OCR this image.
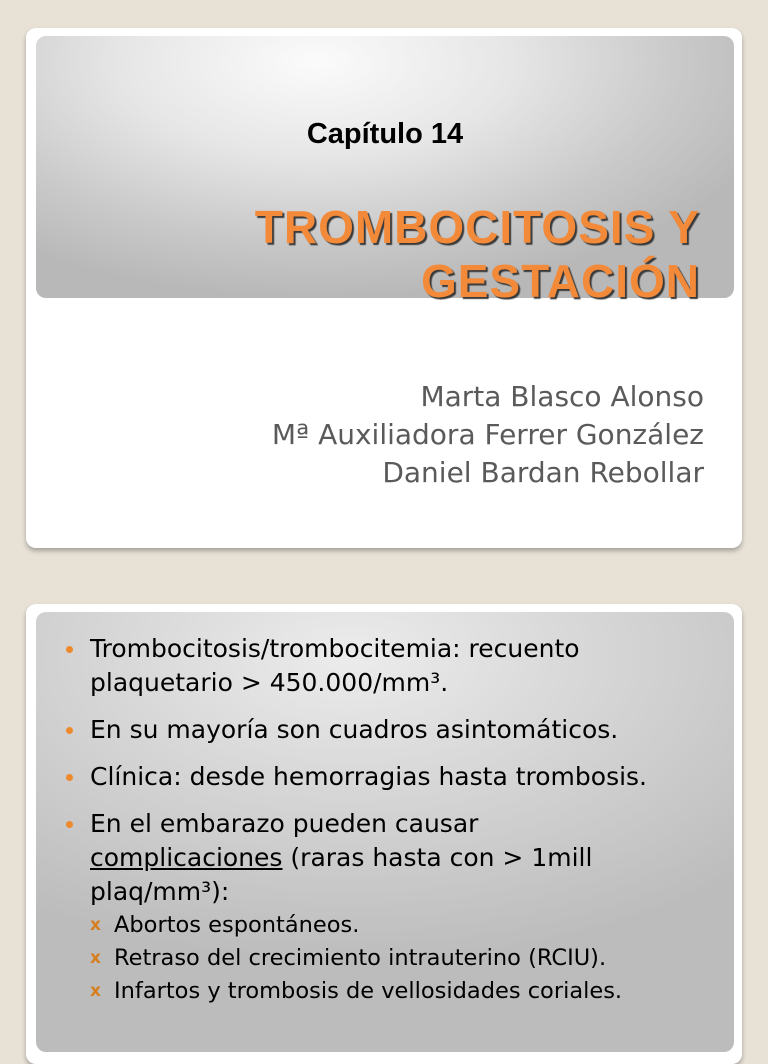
Capítulo 14
TROMBOCITOSIS Y
GESTACIÓN
Marta Blasco Alonso
Mª Auxiliadora Ferrer González
Daniel Bardan Rebollar
Trombocitosis/trombocitemia: recuento
plaquetario > 450.000/mm³.
En su mayoría son cuadros asintomáticos.
Clínica: desde hemorragias hasta trombosis.
En el embarazo pueden causar
complicaciones (raras hasta con > 1mill
plaq/mm³):
x Abortos espontáneos.
x Retraso del crecimiento intrauterino (RCIU).
x Infartos y trombosis de vellosidades coriales.
